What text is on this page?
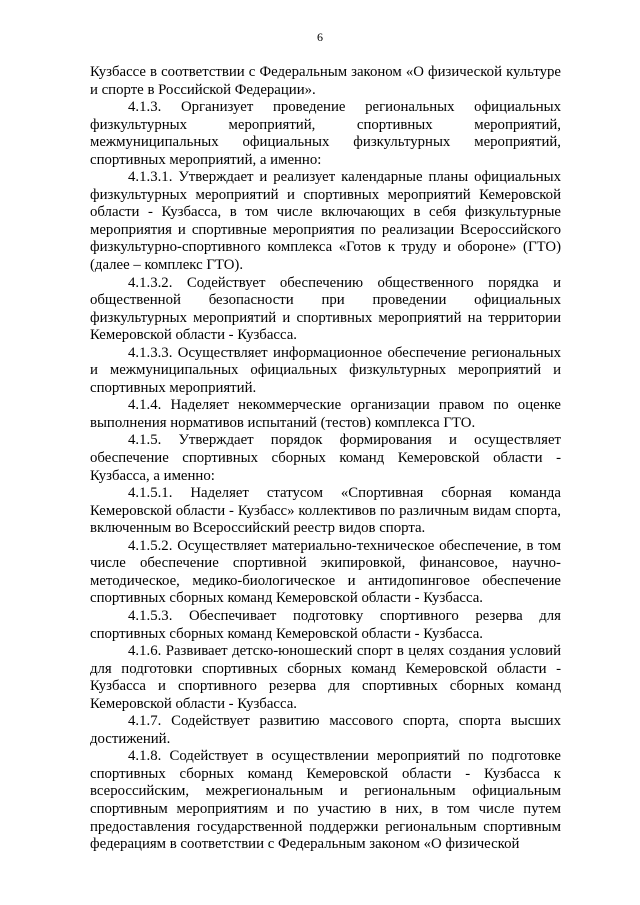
6

Кузбассе в соответствии с Федеральным законом «О физической культуре и спорте в Российской Федерации».

4.1.3. Организует проведение региональных официальных физкультурных мероприятий, спортивных мероприятий, межмуниципальных официальных физкультурных мероприятий, спортивных мероприятий, а именно:

4.1.3.1. Утверждает и реализует календарные планы официальных физкультурных мероприятий и спортивных мероприятий Кемеровской области - Кузбасса, в том числе включающих в себя физкультурные мероприятия и спортивные мероприятия по реализации Всероссийского физкультурно-спортивного комплекса «Готов к труду и обороне» (ГТО) (далее – комплекс ГТО).

4.1.3.2. Содействует обеспечению общественного порядка и общественной безопасности при проведении официальных физкультурных мероприятий и спортивных мероприятий на территории Кемеровской области - Кузбасса.

4.1.3.3. Осуществляет информационное обеспечение региональных и межмуниципальных официальных физкультурных мероприятий и спортивных мероприятий.

4.1.4. Наделяет некоммерческие организации правом по оценке выполнения нормативов испытаний (тестов) комплекса ГТО.

4.1.5. Утверждает порядок формирования и осуществляет обеспечение спортивных сборных команд Кемеровской области - Кузбасса, а именно:

4.1.5.1. Наделяет статусом «Спортивная сборная команда Кемеровской области - Кузбасс» коллективов по различным видам спорта, включенным во Всероссийский реестр видов спорта.

4.1.5.2. Осуществляет материально-техническое обеспечение, в том числе обеспечение спортивной экипировкой, финансовое, научно-методическое, медико-биологическое и антидопинговое обеспечение спортивных сборных команд Кемеровской области - Кузбасса.

4.1.5.3. Обеспечивает подготовку спортивного резерва для спортивных сборных команд Кемеровской области - Кузбасса.

4.1.6. Развивает детско-юношеский спорт в целях создания условий для подготовки спортивных сборных команд Кемеровской области - Кузбасса и спортивного резерва для спортивных сборных команд Кемеровской области - Кузбасса.

4.1.7. Содействует развитию массового спорта, спорта высших достижений.

4.1.8. Содействует в осуществлении мероприятий по подготовке спортивных сборных команд Кемеровской области - Кузбасса к всероссийским, межрегиональным и региональным официальным спортивным мероприятиям и по участию в них, в том числе путем предоставления государственной поддержки региональным спортивным федерациям в соответствии с Федеральным законом «О физической
